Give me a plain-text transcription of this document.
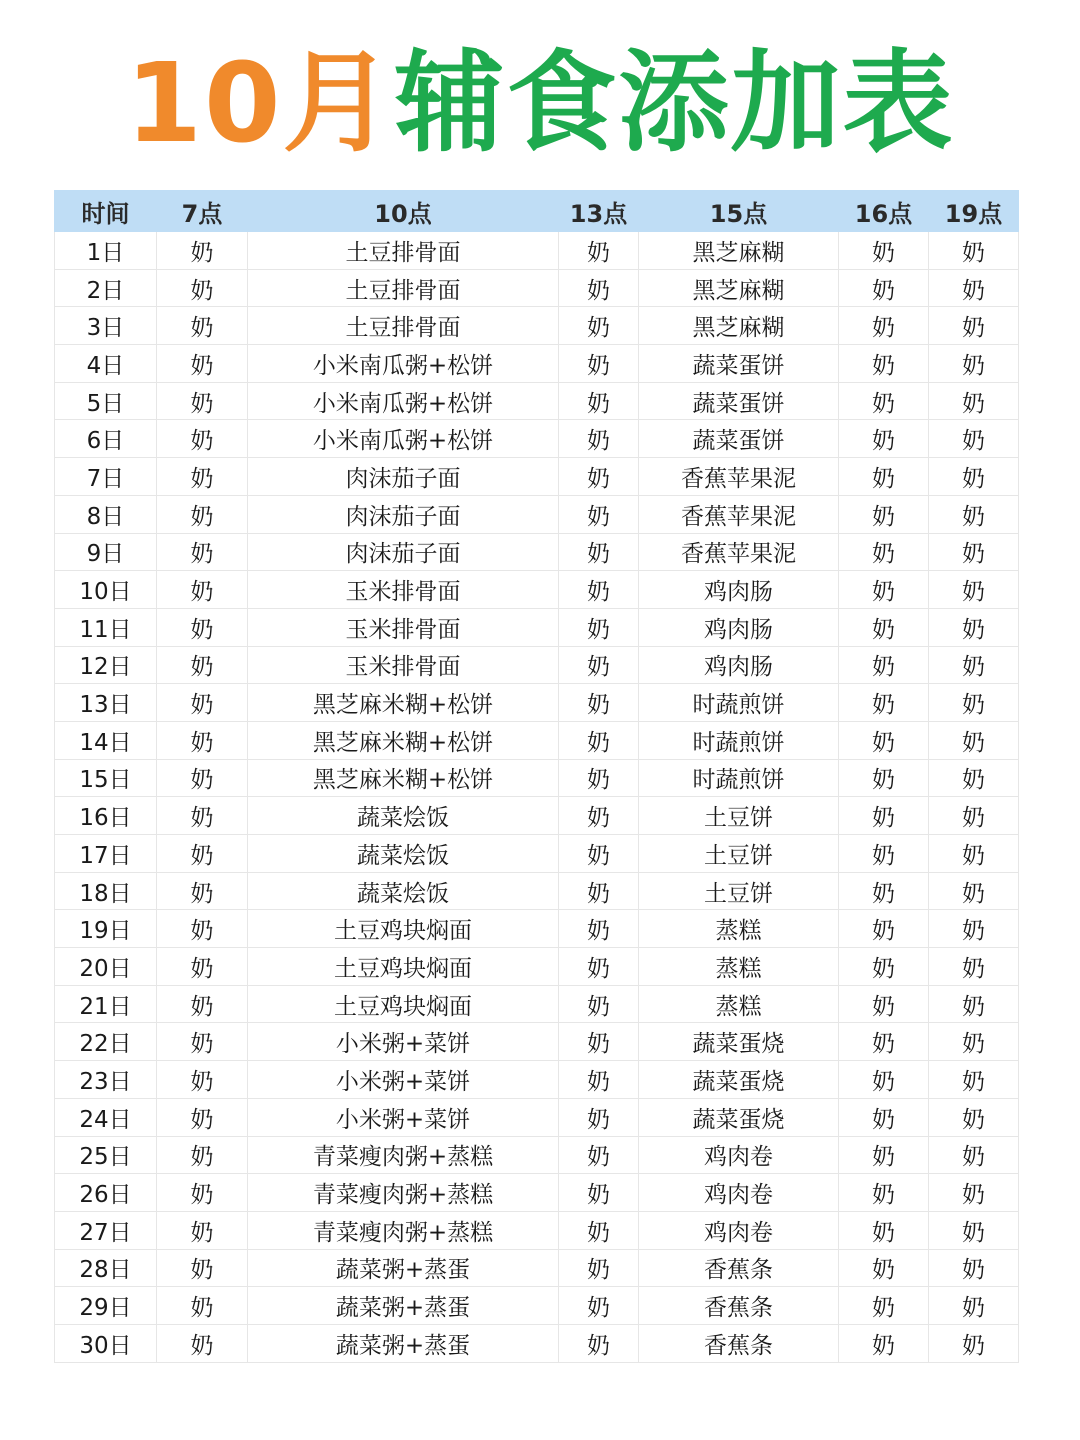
10月辅食添加表
时间	7点	10点	13点	15点	16点	19点
1日	奶	土豆排骨面	奶	黑芝麻糊	奶	奶
2日	奶	土豆排骨面	奶	黑芝麻糊	奶	奶
3日	奶	土豆排骨面	奶	黑芝麻糊	奶	奶
4日	奶	小米南瓜粥+松饼	奶	蔬菜蛋饼	奶	奶
5日	奶	小米南瓜粥+松饼	奶	蔬菜蛋饼	奶	奶
6日	奶	小米南瓜粥+松饼	奶	蔬菜蛋饼	奶	奶
7日	奶	肉沫茄子面	奶	香蕉苹果泥	奶	奶
8日	奶	肉沫茄子面	奶	香蕉苹果泥	奶	奶
9日	奶	肉沫茄子面	奶	香蕉苹果泥	奶	奶
10日	奶	玉米排骨面	奶	鸡肉肠	奶	奶
11日	奶	玉米排骨面	奶	鸡肉肠	奶	奶
12日	奶	玉米排骨面	奶	鸡肉肠	奶	奶
13日	奶	黑芝麻米糊+松饼	奶	时蔬煎饼	奶	奶
14日	奶	黑芝麻米糊+松饼	奶	时蔬煎饼	奶	奶
15日	奶	黑芝麻米糊+松饼	奶	时蔬煎饼	奶	奶
16日	奶	蔬菜烩饭	奶	土豆饼	奶	奶
17日	奶	蔬菜烩饭	奶	土豆饼	奶	奶
18日	奶	蔬菜烩饭	奶	土豆饼	奶	奶
19日	奶	土豆鸡块焖面	奶	蒸糕	奶	奶
20日	奶	土豆鸡块焖面	奶	蒸糕	奶	奶
21日	奶	土豆鸡块焖面	奶	蒸糕	奶	奶
22日	奶	小米粥+菜饼	奶	蔬菜蛋烧	奶	奶
23日	奶	小米粥+菜饼	奶	蔬菜蛋烧	奶	奶
24日	奶	小米粥+菜饼	奶	蔬菜蛋烧	奶	奶
25日	奶	青菜瘦肉粥+蒸糕	奶	鸡肉卷	奶	奶
26日	奶	青菜瘦肉粥+蒸糕	奶	鸡肉卷	奶	奶
27日	奶	青菜瘦肉粥+蒸糕	奶	鸡肉卷	奶	奶
28日	奶	蔬菜粥+蒸蛋	奶	香蕉条	奶	奶
29日	奶	蔬菜粥+蒸蛋	奶	香蕉条	奶	奶
30日	奶	蔬菜粥+蒸蛋	奶	香蕉条	奶	奶
